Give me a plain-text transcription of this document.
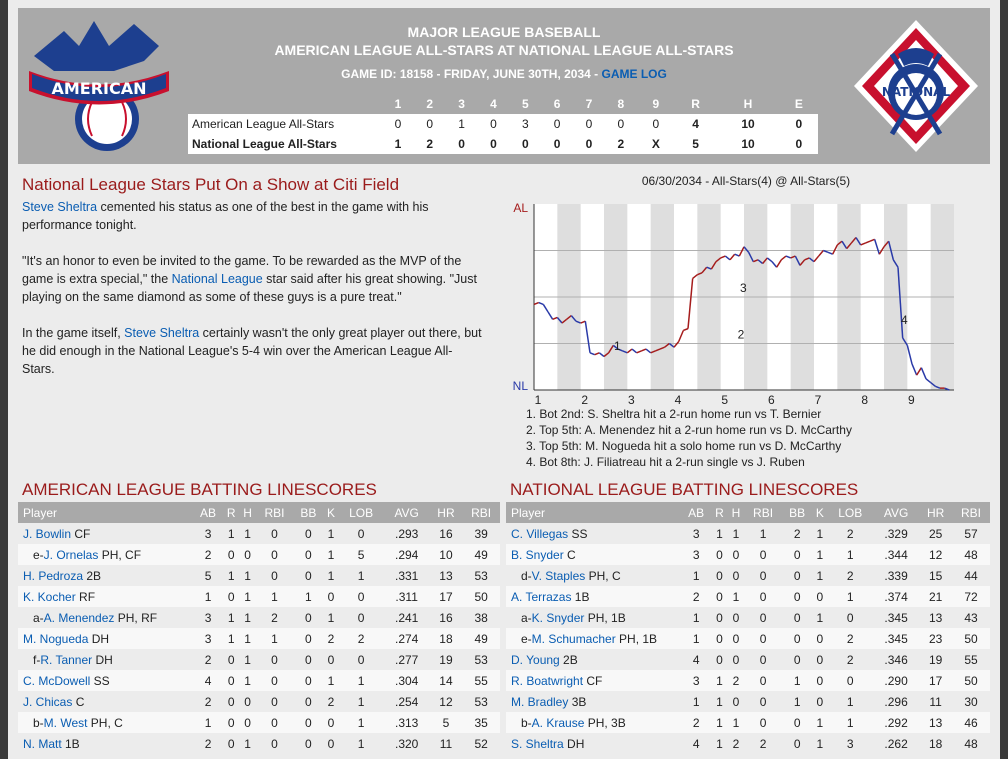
AMERICAN
MAJOR LEAGUE BASEBALL
AMERICAN LEAGUE ALL-STARS AT NATIONAL LEAGUE ALL-STARS
GAME ID: 18158 - FRIDAY, JUNE 30TH, 2034 - GAME LOG
	1	2	3	4	5	6	7	8	9	R	H	E
American League All-Stars	0	0	1	0	3	0	0	0	0	4	10	0
National League All-Stars	1	2	0	0	0	0	0	2	X	5	10	0
NATIONAL
National League Stars Put On a Show at Citi Field

Steve Sheltra cemented his status as one of the best in the game with his performance tonight.

"It's an honor to even be invited to the game. To be rewarded as the MVP of the game is extra special," the National League star said after his great showing. "Just playing on the same diamond as some of these guys is a pure treat."

In the game itself, Steve Sheltra certainly wasn't the only great player out there, but he did enough in the National League's 5-4 win over the American League All-Stars.

06/30/2034 - All-Stars(4) @ All-Stars(5)
AL
NL
1	2	3	4	5	6	7	8	9
1
2
3
4
1. Bot 2nd: S. Sheltra hit a 2-run home run vs T. Bernier
2. Top 5th: A. Menendez hit a 2-run home run vs D. McCarthy
3. Top 5th: M. Nogueda hit a solo home run vs D. McCarthy
4. Bot 8th: J. Filiatreau hit a 2-run single vs J. Ruben
AMERICAN LEAGUE BATTING LINESCORES
Player	AB	R	H	RBI	BB	K	LOB	AVG	HR	RBI
J. Bowlin CF	3	1	1	0	0	1	0	.293	16	39
e-J. Ornelas PH, CF	2	0	0	0	0	1	5	.294	10	49
H. Pedroza 2B	5	1	1	0	0	1	1	.331	13	53
K. Kocher RF	1	0	1	1	1	0	0	.311	17	50
a-A. Menendez PH, RF	3	1	1	2	0	1	0	.241	16	38
M. Nogueda DH	3	1	1	1	0	2	2	.274	18	49
f-R. Tanner DH	2	0	1	0	0	0	0	.277	19	53
C. McDowell SS	4	0	1	0	0	1	1	.304	14	55
J. Chicas C	2	0	0	0	0	2	1	.254	12	53
b-M. West PH, C	1	0	0	0	0	0	1	.313	5	35
N. Matt 1B	2	0	1	0	0	0	1	.320	11	52
NATIONAL LEAGUE BATTING LINESCORES
Player	AB	R	H	RBI	BB	K	LOB	AVG	HR	RBI
C. Villegas SS	3	1	1	1	2	1	2	.329	25	57
B. Snyder C	3	0	0	0	0	1	1	.344	12	48
d-V. Staples PH, C	1	0	0	0	0	1	2	.339	15	44
A. Terrazas 1B	2	0	1	0	0	0	1	.374	21	72
a-K. Snyder PH, 1B	1	0	0	0	0	1	0	.345	13	43
e-M. Schumacher PH, 1B	1	0	0	0	0	0	2	.345	23	50
D. Young 2B	4	0	0	0	0	0	2	.346	19	55
R. Boatwright CF	3	1	2	0	1	0	0	.290	17	50
M. Bradley 3B	1	1	0	0	1	0	1	.296	11	30
b-A. Krause PH, 3B	2	1	1	0	0	1	1	.292	13	46
S. Sheltra DH	4	1	2	2	0	1	3	.262	18	48
